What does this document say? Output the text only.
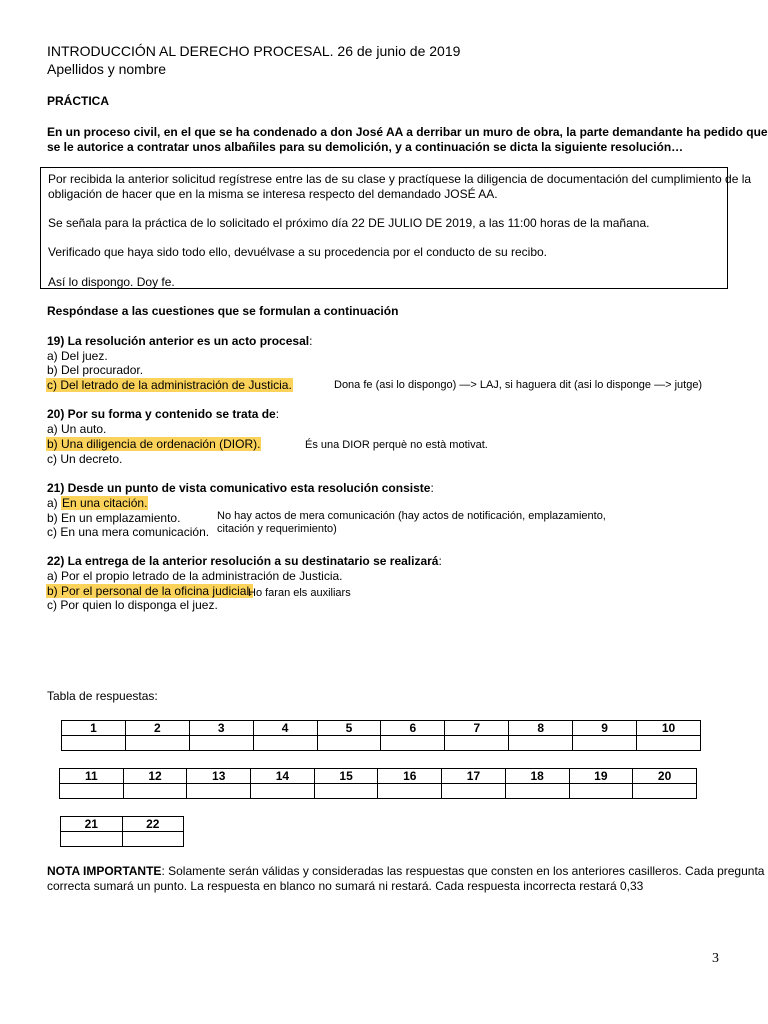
INTRODUCCIÓN AL DERECHO PROCESAL. 26 de junio de 2019
Apellidos y nombre
PRÁCTICA
En un proceso civil, en el que se ha condenado a don José AA a derribar un muro de obra, la parte demandante ha pedido que
se le autorice a contratar unos albañiles para su demolición, y a continuación se dicta la siguiente resolución…
Por recibida la anterior solicitud regístrese entre las de su clase y practíquese la diligencia de documentación del cumplimiento de la
obligación de hacer que en la misma se interesa respecto del demandado JOSÉ AA.
Se señala para la práctica de lo solicitado el próximo día 22 DE JULIO DE 2019, a las 11:00 horas de la mañana.
Verificado que haya sido todo ello, devuélvase a su procedencia por el conducto de su recibo.
Así lo dispongo. Doy fe.
Respóndase a las cuestiones que se formulan a continuación
19) La resolución anterior es un acto procesal:
a) Del juez.
b) Del procurador.
c) Del letrado de la administración de Justicia.	Dona fe (asi lo dispongo) —> LAJ, si haguera dit (asi lo disponge —> jutge)
20) Por su forma y contenido se trata de:
a) Un auto.
b) Una diligencia de ordenación (DIOR).	És una DIOR perquè no està motivat.
c) Un decreto.
21) Desde un punto de vista comunicativo esta resolución consiste:
a) En una citación.
b) En un emplazamiento.	No hay actos de mera comunicación (hay actos de notificación, emplazamiento,
citación y requerimiento)
c) En una mera comunicación.
22) La entrega de la anterior resolución a su destinatario se realizará:
a) Por el propio letrado de la administración de Justicia.
b) Por el personal de la oficina judicial.
Ho faran els auxiliars
c) Por quien lo disponga el juez.
Tabla de respuestas:
1	2	3	4	5	6	7	8	9	10

11	12	13	14	15	16	17	18	19	20

21	22

NOTA IMPORTANTE: Solamente serán válidas y consideradas las respuestas que consten en los anteriores casilleros. Cada pregunta
correcta sumará un punto. La respuesta en blanco no sumará ni restará. Cada respuesta incorrecta restará 0,33
3
